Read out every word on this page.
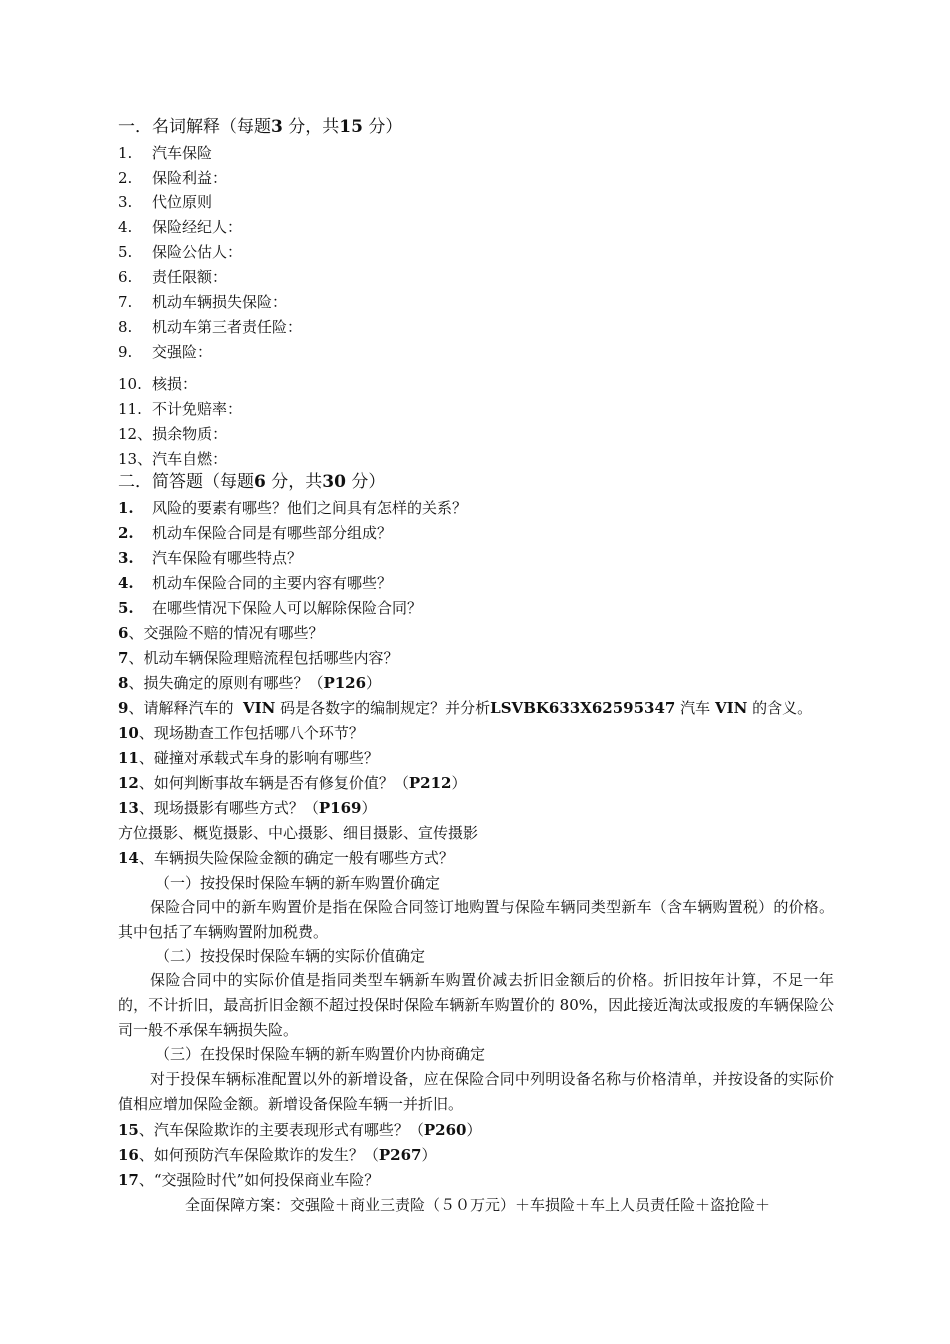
一．名词解释（每题3 分，共15 分）
1. 汽车保险
2. 保险利益：
3. 代位原则
4. 保险经纪人：
5. 保险公估人：
6. 责任限额：
7. 机动车辆损失保险：
8. 机动车第三者责任险：
9. 交强险：
10. 核损：
11. 不计免赔率：
12、损余物质：
13、汽车自燃：
二．简答题（每题6 分，共30 分）
1. 风险的要素有哪些？他们之间具有怎样的关系？
2. 机动车保险合同是有哪些部分组成？
3. 汽车保险有哪些特点？
4. 机动车保险合同的主要内容有哪些？
5. 在哪些情况下保险人可以解除保险合同？
6、交强险不赔的情况有哪些？
7、机动车辆保险理赔流程包括哪些内容？
8、损失确定的原则有哪些？（P126）
9、请解释汽车的 VIN 码是各数字的编制规定？并分析LSVBK633X62595347 汽车 VIN 的含义。
10、现场勘查工作包括哪八个环节？
11、碰撞对承载式车身的影响有哪些？
12、如何判断事故车辆是否有修复价值？（P212）
13、现场摄影有哪些方式？（P169）
方位摄影、概览摄影、中心摄影、细目摄影、宣传摄影
14、车辆损失险保险金额的确定一般有哪些方式？
（一）按投保时保险车辆的新车购置价确定
保险合同中的新车购置价是指在保险合同签订地购置与保险车辆同类型新车（含车辆购置税）的价格。其中包括了车辆购置附加税费。
（二）按投保时保险车辆的实际价值确定
保险合同中的实际价值是指同类型车辆新车购置价减去折旧金额后的价格。折旧按年计算，不足一年的，不计折旧，最高折旧金额不超过投保时保险车辆新车购置价的 80%，因此接近淘汰或报废的车辆保险公司一般不承保车辆损失险。
（三）在投保时保险车辆的新车购置价内协商确定
对于投保车辆标准配置以外的新增设备，应在保险合同中列明设备名称与价格清单，并按设备的实际价值相应增加保险金额。新增设备保险车辆一并折旧。
15、汽车保险欺诈的主要表现形式有哪些？（P260）
16、如何预防汽车保险欺诈的发生？（P267）
17、“交强险时代”如何投保商业车险？
全面保障方案：交强险＋商业三责险（５０万元）＋车损险＋车上人员责任险＋盗抢险＋
